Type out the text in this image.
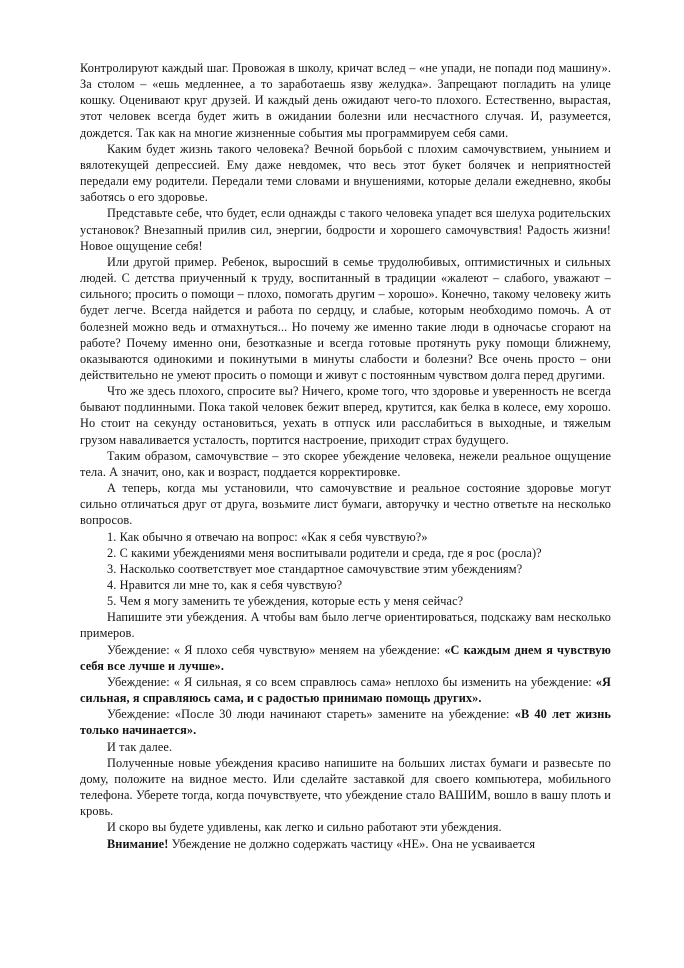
Контролируют каждый шаг. Провожая в школу, кричат вслед – «не упади, не попади под машину». За столом – «ешь медленнее, а то заработаешь язву желудка». Запрещают погладить на улице кошку. Оценивают круг друзей. И каждый день ожидают чего-то плохого. Естественно, вырастая, этот человек всегда будет жить в ожидании болезни или несчастного случая. И, разумеется, дождется. Так как на многие жизненные события мы программируем себя сами.

Каким будет жизнь такого человека? Вечной борьбой с плохим самочувствием, унынием и вялотекущей депрессией. Ему даже невдомек, что весь этот букет болячек и неприятностей передали ему родители. Передали теми словами и внушениями, которые делали ежедневно, якобы заботясь о его здоровье.

Представьте себе, что будет, если однажды с такого человека упадет вся шелуха родительских установок? Внезапный прилив сил, энергии, бодрости и хорошего самочувствия! Радость жизни! Новое ощущение себя!

Или другой пример. Ребенок, выросший в семье трудолюбивых, оптимистичных и сильных людей. С детства приученный к труду, воспитанный в традиции «жалеют – слабого, уважают – сильного; просить о помощи – плохо, помогать другим – хорошо». Конечно, такому человеку жить будет легче. Всегда найдется и работа по сердцу, и слабые, которым необходимо помочь. А от болезней можно ведь и отмахнуться... Но почему же именно такие люди в одночасье сгорают на работе? Почему именно они, безотказные и всегда готовые протянуть руку помощи ближнему, оказываются одинокими и покинутыми в минуты слабости и болезни? Все очень просто – они действительно не умеют просить о помощи и живут с постоянным чувством долга перед другими.

Что же здесь плохого, спросите вы? Ничего, кроме того, что здоровье и уверенность не всегда бывают подлинными. Пока такой человек бежит вперед, крутится, как белка в колесе, ему хорошо. Но стоит на секунду остановиться, уехать в отпуск или расслабиться в выходные, и тяжелым грузом наваливается усталость, портится настроение, приходит страх будущего.

Таким образом, самочувствие – это скорее убеждение человека, нежели реальное ощущение тела. А значит, оно, как и возраст, поддается корректировке.

А теперь, когда мы установили, что самочувствие и реальное состояние здоровье могут сильно отличаться друг от друга, возьмите лист бумаги, авторучку и честно ответьте на несколько вопросов.

1. Как обычно я отвечаю на вопрос: «Как я себя чувствую?»

2. С какими убеждениями меня воспитывали родители и среда, где я рос (росла)?

3. Насколько соответствует мое стандартное самочувствие этим убеждениям?

4. Нравится ли мне то, как я себя чувствую?

5. Чем я могу заменить те убеждения, которые есть у меня сейчас?

Напишите эти убеждения. А чтобы вам было легче ориентироваться, подскажу вам несколько примеров.

Убеждение: « Я плохо себя чувствую» меняем на убеждение: «С каждым днем я чувствую себя все лучше и лучше».

Убеждение: « Я сильная, я со всем справлюсь сама» неплохо бы изменить на убеждение: «Я сильная, я справляюсь сама, и с радостью принимаю помощь других».

Убеждение: «После 30 люди начинают стареть» замените на убеждение: «В 40 лет жизнь только начинается».

И так далее.

Полученные новые убеждения красиво напишите на больших листах бумаги и развесьте по дому, положите на видное место. Или сделайте заставкой для своего компьютера, мобильного телефона. Уберете тогда, когда почувствуете, что убеждение стало ВАШИМ, вошло в вашу плоть и кровь.

И скоро вы будете удивлены, как легко и сильно работают эти убеждения.

Внимание! Убеждение не должно содержать частицу «НЕ». Она не усваивается
